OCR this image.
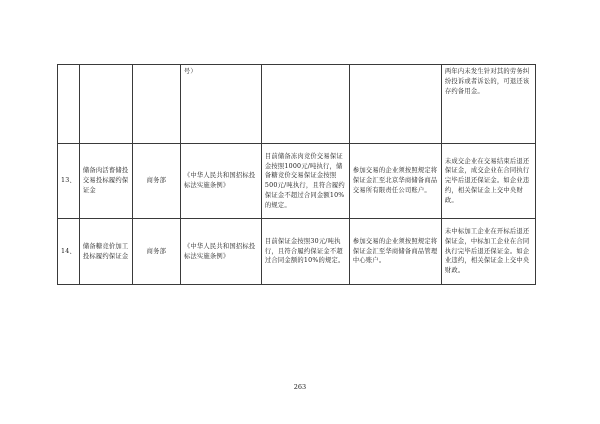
			号）			两年内未发生针对其的劳务纠纷投诉或者诉讼的，可退还该存约备用金。

13、	储备肉活畜储投交易投标履约保证金	商务部	《中华人民共和国招标投标法实施条例》	目前储备冻肉竞价交易保证金按照1000元/吨执行，储备糖竞价交易保证金按照500元/吨执行，且符合履约保证金不超过合同金额10%的规定。	参加交易的企业须按照规定将保证金汇至北京华商储备商品交易所有限责任公司账户。	未成交企业在交易结束后退还保证金，成交企业在合同执行完毕后退还保证金。如企业违约，相关保证金上交中央财政。

14、	储备糖竞价加工投标履约保证金	商务部	《中华人民共和国招标投标法实施条例》	目前保证金按照30元/吨执行，且符合履约保证金不超过合同金额的10%的规定。	参加交易的企业须按照规定将保证金汇至华商储备商品管理中心账户。	未中标加工企业在开标后退还保证金，中标加工企业在合同执行完毕后退还保证金。如企业违约，相关保证金上交中央财政。
263
